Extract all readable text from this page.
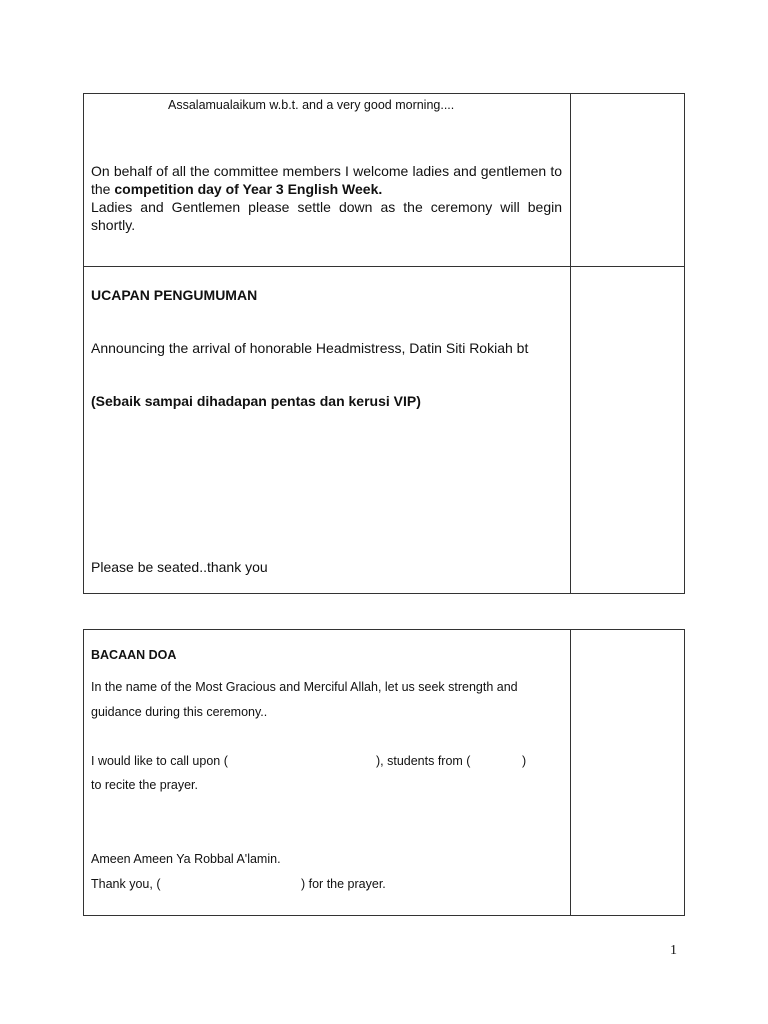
Assalamualaikum w.b.t. and a very good morning....
On behalf of all the committee members I welcome ladies and gentlemen to the competition day of Year 3 English Week.
Ladies and Gentlemen please settle down as the ceremony will begin shortly.
UCAPAN PENGUMUMAN
Announcing the arrival of honorable Headmistress, Datin Siti Rokiah bt
(Sebaik sampai dihadapan pentas dan kerusi VIP)
Please be seated..thank you
BACAAN DOA
In the name of the Most Gracious and Merciful Allah, let us seek strength and
guidance during this ceremony..
I would like to call upon (	), students from (	)
to recite the prayer.
Ameen Ameen Ya Robbal A'lamin.
Thank you, (	) for the prayer.
1
